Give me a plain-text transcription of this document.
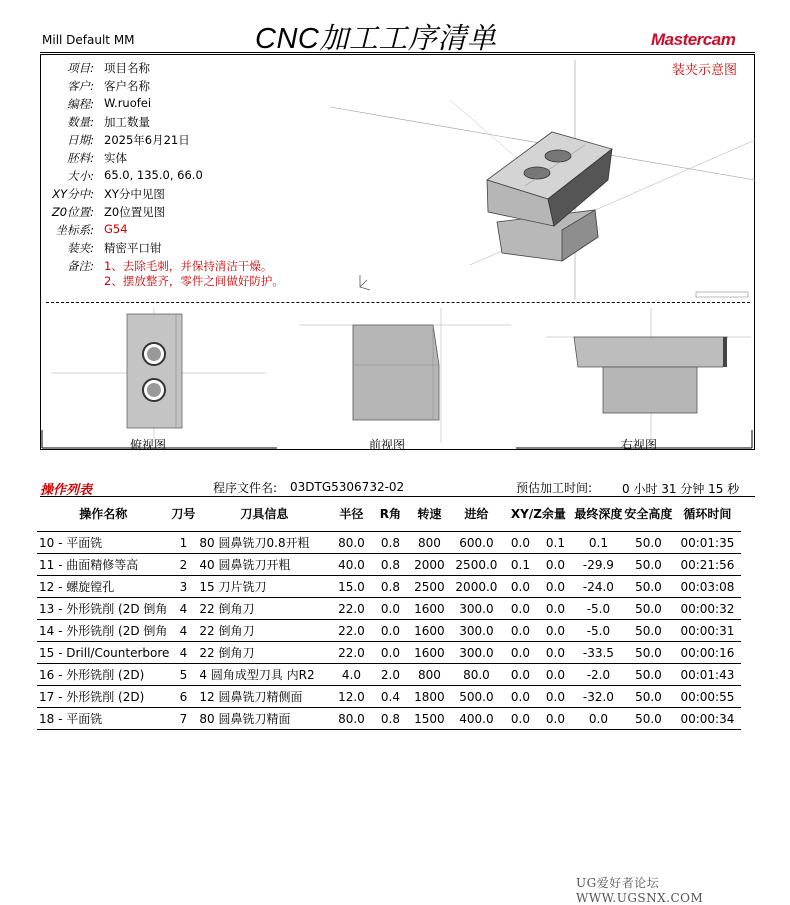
Mill Default MM	CNC加工工序清单	Mastercam
装夹示意图
项目: 项目名称
客户: 客户名称
编程: W.ruofei
数量: 加工数量
日期: 2025年6月21日
胚料: 实体
大小: 65.0, 135.0, 66.0
XY分中: XY分中见图
Z0位置: Z0位置见图
坐标系: G54
装夹: 精密平口钳
备注: 1、去除毛刺，并保持清洁干燥。
2、摆放整齐，零件之间做好防护。
俯视图	前视图	右视图
操作列表	程序文件名: 03DTG5306732-02	预估加工时间: 0 小时 31 分钟 15 秒
操作名称	刀号	刀具信息	半径	R角	转速	进给	XY/Z余量		最终深度	安全高度	循环时间
10 - 平面铣	1	80 圆鼻铣刀0.8开粗	80.0	0.8	800	600.0	0.0	0.1	0.1	50.0	00:01:35
11 - 曲面精修等高	2	40 圆鼻铣刀开粗	40.0	0.8	2000	2500.0	0.1	0.0	-29.9	50.0	00:21:56
12 - 螺旋镗孔	3	15 刀片铣刀	15.0	0.8	2500	2000.0	0.0	0.0	-24.0	50.0	00:03:08
13 - 外形铣削 (2D 倒角	4	22 倒角刀	22.0	0.0	1600	300.0	0.0	0.0	-5.0	50.0	00:00:32
14 - 外形铣削 (2D 倒角	4	22 倒角刀	22.0	0.0	1600	300.0	0.0	0.0	-5.0	50.0	00:00:31
15 - Drill/Counterbore	4	22 倒角刀	22.0	0.0	1600	300.0	0.0	0.0	-33.5	50.0	00:00:16
16 - 外形铣削 (2D)	5	4 圆角成型刀具 内R2	4.0	2.0	800	80.0	0.0	0.0	-2.0	50.0	00:01:43
17 - 外形铣削 (2D)	6	12 圆鼻铣刀精侧面	12.0	0.4	1800	500.0	0.0	0.0	-32.0	50.0	00:00:55
18 - 平面铣	7	80 圆鼻铣刀精面	80.0	0.8	1500	400.0	0.0	0.0	0.0	50.0	00:00:34
UG爱好者论坛 WWW.UGSNX.COM
